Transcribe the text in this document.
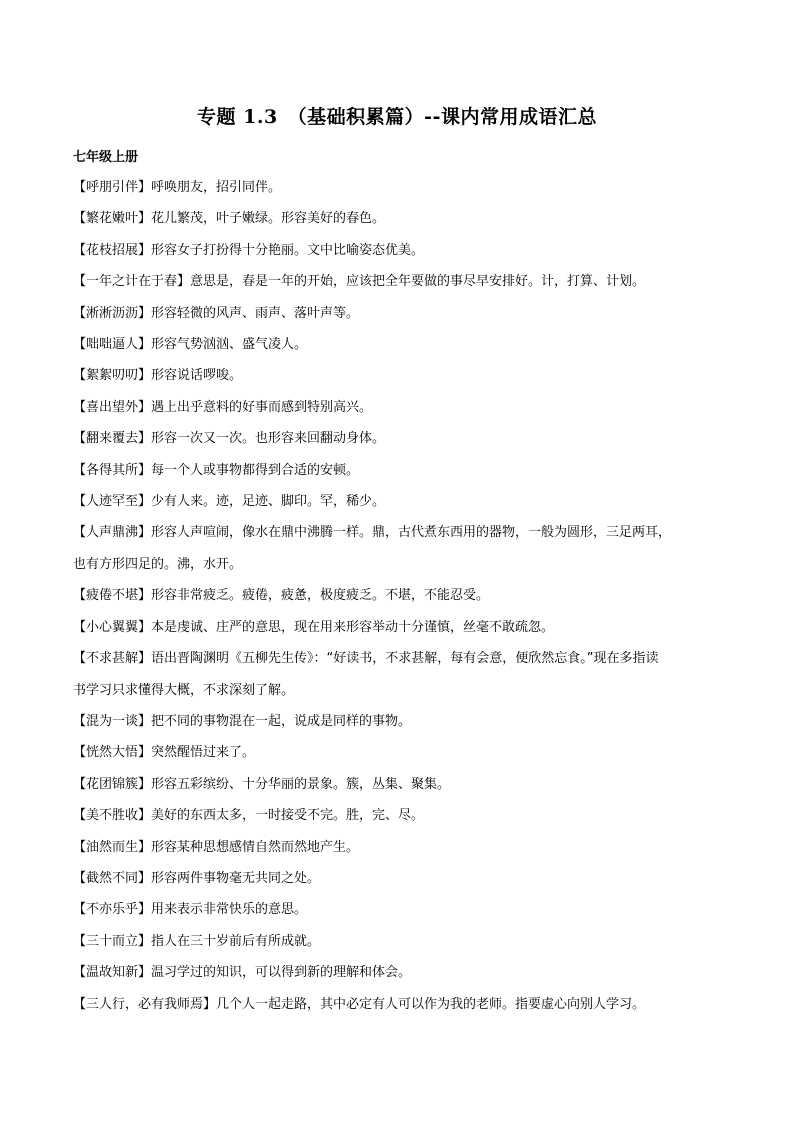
专题 1.3　（基础积累篇）--课内常用成语汇总
七年级上册
【呼朋引伴】呼唤朋友，招引同伴。
【繁花嫩叶】花儿繁茂，叶子嫩绿。形容美好的春色。
【花枝招展】形容女子打扮得十分艳丽。文中比喻姿态优美。
【一年之计在于春】意思是，春是一年的开始，应该把全年要做的事尽早安排好。计，打算、计划。
【淅淅沥沥】形容轻微的风声、雨声、落叶声等。
【咄咄逼人】形容气势汹汹、盛气凌人。
【絮絮叨叨】形容说话啰唆。
【喜出望外】遇上出乎意料的好事而感到特别高兴。
【翻来覆去】形容一次又一次。也形容来回翻动身体。
【各得其所】每一个人或事物都得到合适的安顿。
【人迹罕至】少有人来。迹，足迹、脚印。罕，稀少。
【人声鼎沸】形容人声喧闹，像水在鼎中沸腾一样。鼎，古代煮东西用的器物，一般为圆形，三足两耳，
也有方形四足的。沸，水开。
【疲倦不堪】形容非常疲乏。疲倦，疲惫，极度疲乏。不堪，不能忍受。
【小心翼翼】本是虔诚、庄严的意思，现在用来形容举动十分谨慎，丝毫不敢疏忽。
【不求甚解】语出晋陶渊明《五柳先生传》：“好读书，不求甚解，每有会意，便欣然忘食。”现在多指读
书学习只求懂得大概，不求深刻了解。
【混为一谈】把不同的事物混在一起，说成是同样的事物。
【恍然大悟】突然醒悟过来了。
【花团锦簇】形容五彩缤纷、十分华丽的景象。簇，丛集、聚集。
【美不胜收】美好的东西太多，一时接受不完。胜，完、尽。
【油然而生】形容某种思想感情自然而然地产生。
【截然不同】形容两件事物毫无共同之处。
【不亦乐乎】用来表示非常快乐的意思。
【三十而立】指人在三十岁前后有所成就。
【温故知新】温习学过的知识，可以得到新的理解和体会。
【三人行，必有我师焉】几个人一起走路，其中必定有人可以作为我的老师。指要虚心向别人学习。
